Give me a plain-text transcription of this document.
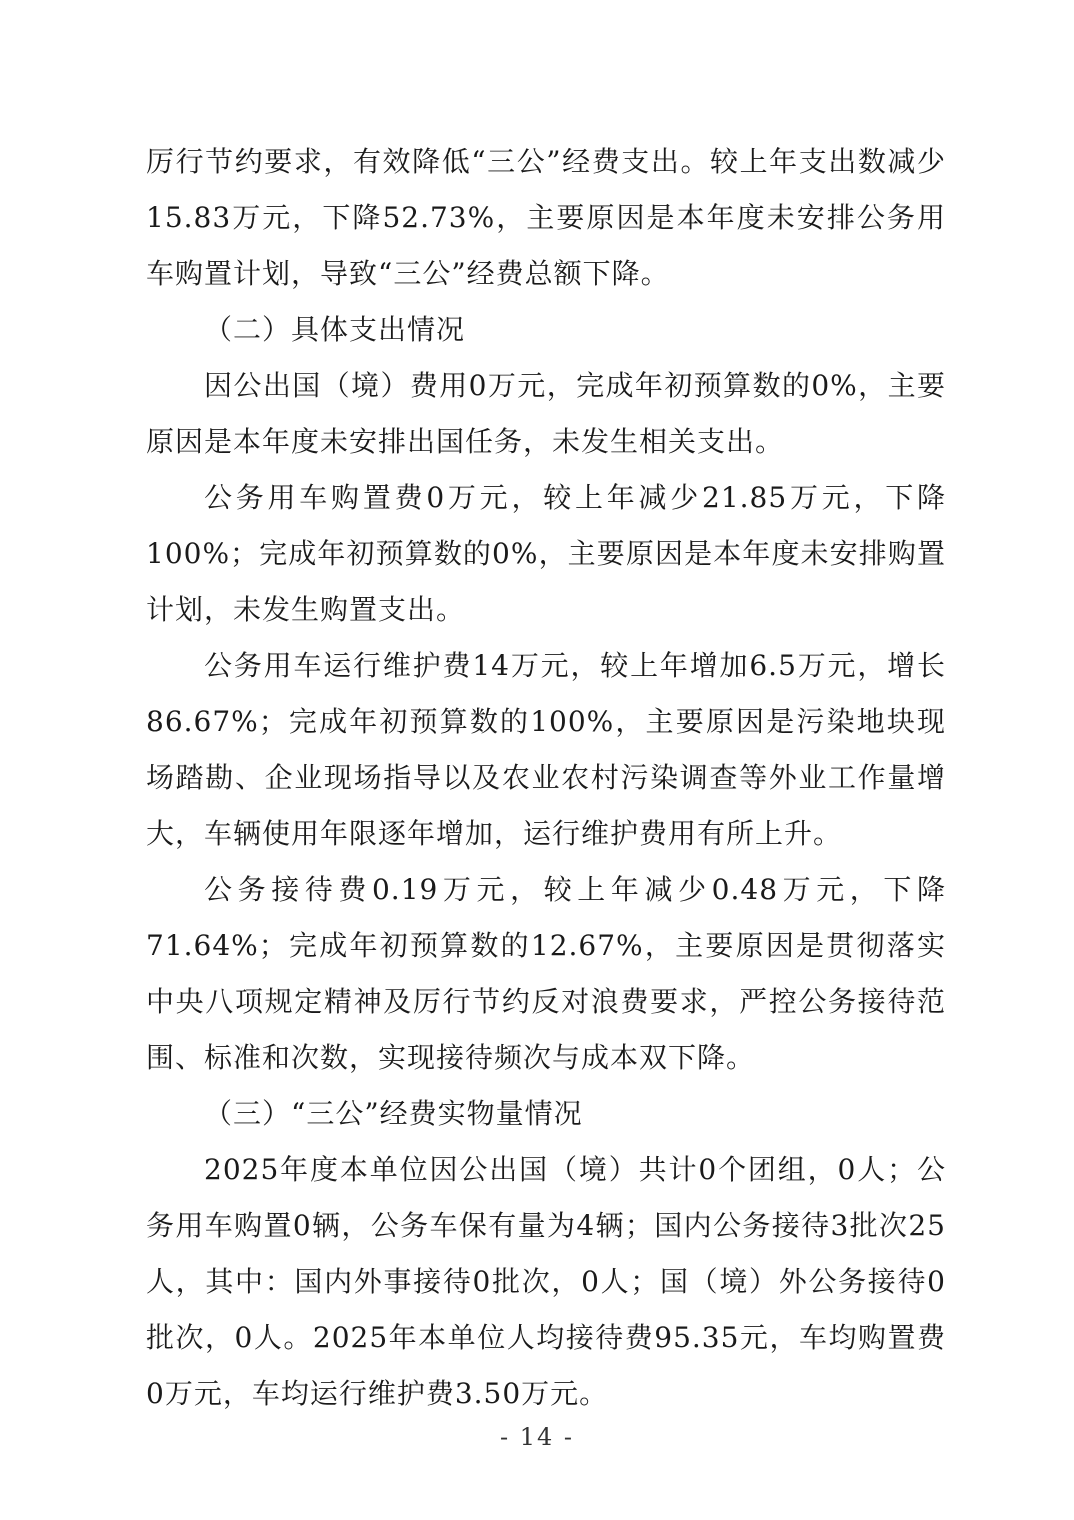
厉行节约要求，有效降低“三公”经费支出。较上年支出数减少15.83万元，下降52.73%，主要原因是本年度未安排公务用车购置计划，导致“三公”经费总额下降。

（二）具体支出情况

因公出国（境）费用0万元，完成年初预算数的0%，主要原因是本年度未安排出国任务，未发生相关支出。

公务用车购置费0万元，较上年减少21.85万元，下降100%；完成年初预算数的0%，主要原因是本年度未安排购置计划，未发生购置支出。

公务用车运行维护费14万元，较上年增加6.5万元，增长86.67%；完成年初预算数的100%，主要原因是污染地块现场踏勘、企业现场指导以及农业农村污染调查等外业工作量增大，车辆使用年限逐年增加，运行维护费用有所上升。

公务接待费0.19万元，较上年减少0.48万元，下降71.64%；完成年初预算数的12.67%，主要原因是贯彻落实中央八项规定精神及厉行节约反对浪费要求，严控公务接待范围、标准和次数，实现接待频次与成本双下降。

（三）“三公”经费实物量情况

2025年度本单位因公出国（境）共计0个团组，0人；公务用车购置0辆，公务车保有量为4辆；国内公务接待3批次25人，其中：国内外事接待0批次，0人；国（境）外公务接待0批次，0人。2025年本单位人均接待费95.35元，车均购置费0万元，车均运行维护费3.50万元。

- 14 -
